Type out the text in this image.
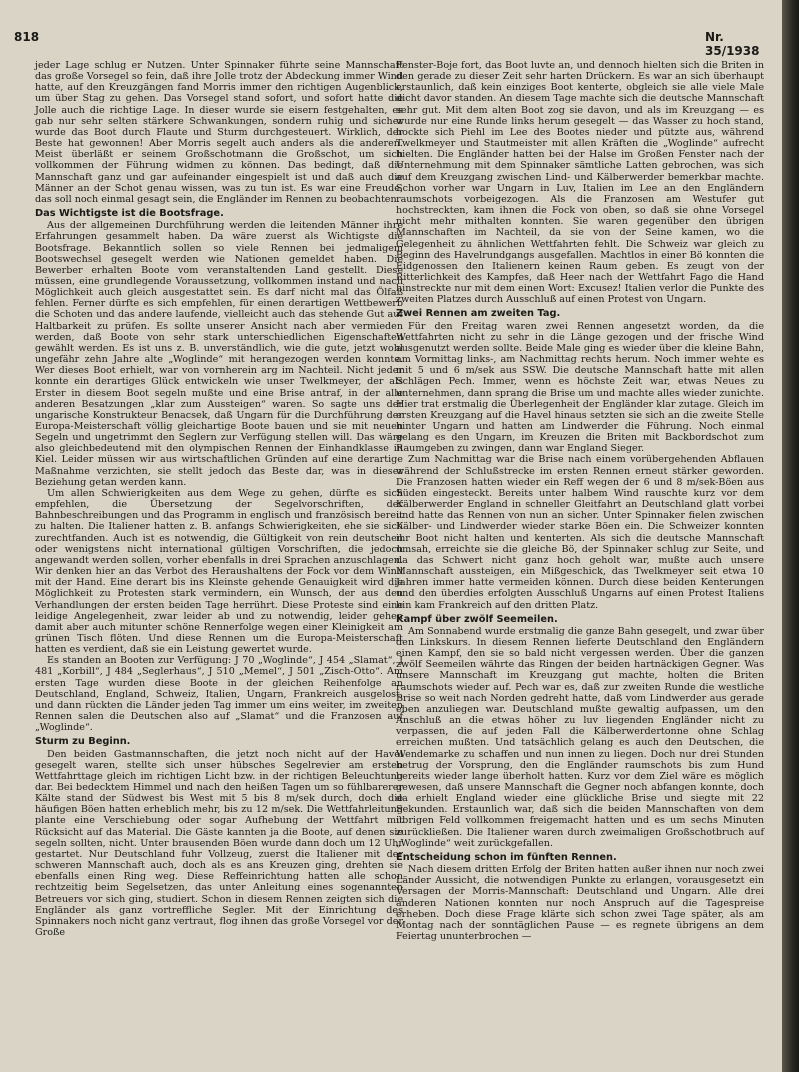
818	Nr. 35/1938

jeder Lage schlug er Nutzen. Unter Spinnaker führte seine Mannschaft das große Vorsegel so fein, daß ihre Jolle trotz der Abdeckung immer Wind hatte, auf den Kreuzgängen fand Morris immer den richtigen Augenblick, um über Stag zu gehen. Das Vorsegel stand sofort, und sofort hatte die Jolle auch die richtige Lage. In dieser wurde sie eisern festgehalten, es gab nur sehr selten stärkere Schwankungen, sondern ruhig und sicher wurde das Boot durch Flaute und Sturm durchgesteuert. Wirklich, der Beste hat gewonnen! Aber Morris segelt auch anders als die anderen. Meist überläßt er seinem Großschotmann die Großschot, um sich vollkommen der Führung widmen zu können. Das bedingt, daß die Mannschaft ganz und gar aufeinander eingespielt ist und daß auch die Männer an der Schot genau wissen, was zu tun ist. Es war eine Freude, das soll noch einmal gesagt sein, die Engländer im Rennen zu beobachten.

Das Wichtigste ist die Bootsfrage.

Aus der allgemeinen Durchführung werden die leitenden Männer ihre Erfahrungen gesammelt haben. Da wäre zuerst als Wichtigste die Bootsfrage. Bekanntlich sollen so viele Rennen bei jedmaligem Bootswechsel gesegelt werden wie Nationen gemeldet haben. Die Bewerber erhalten Boote vom veranstaltenden Land gestellt. Diese müssen, eine grundlegende Voraussetzung, vollkommen instand und nach Möglichkeit auch gleich ausgestattet sein. Es darf nicht mal das Ölfaß fehlen. Ferner dürfte es sich empfehlen, für einen derartigen Wettbewerb die Schoten und das andere laufende, vielleicht auch das stehende Gut auf Haltbarkeit zu prüfen. Es sollte unserer Ansicht nach aber vermieden werden, daß Boote von sehr stark unterschiedlichen Eigenschaften gewählt werden. Es ist uns z. B. unverständlich, wie die gute, jetzt wohl ungefähr zehn Jahre alte „Woglinde“ mit herangezogen werden konnte. Wer dieses Boot erhielt, war von vornherein arg im Nachteil. Nicht jeder konnte ein derartiges Glück entwickeln wie unser Twelkmeyer, der als Erster in diesem Boot segeln mußte und eine Brise antraf, in der alle anderen Besatzungen „klar zum Aussteigen“ waren. So sagte uns der ungarische Konstrukteur Benacsek, daß Ungarn für die Durchführung der Europa-Meisterschaft völlig gleichartige Boote bauen und sie mit neuen Segeln und ungetrimmt den Seglern zur Verfügung stellen will. Das wäre also gleichbedeutend mit den olympischen Rennen der Einhandklasse in Kiel. Leider müssen wir aus wirtschaftlichen Gründen auf eine derartige Maßnahme verzichten, sie stellt jedoch das Beste dar, was in dieser Beziehung getan werden kann.

Um allen Schwierigkeiten aus dem Wege zu gehen, dürfte es sich empfehlen, die Übersetzung der Segelvorschriften, der Bahnbeschreibungen und das Programm in englisch und französisch bereit zu halten. Die Italiener hatten z. B. anfangs Schwierigkeiten, ehe sie sich zurechtfanden. Auch ist es notwendig, die Gültigkeit von rein deutschen oder wenigstens nicht international gültigen Vorschriften, die jedoch angewandt werden sollen, vorher ebenfalls in drei Sprachen anzuschlagen. Wir denken hier an das Verbot des Heraushaltens der Fock vor dem Wind mit der Hand. Eine derart bis ins Kleinste gehende Genauigkeit wird die Möglichkeit zu Protesten stark vermindern, ein Wunsch, der aus den Verhandlungen der ersten beiden Tage herrührt. Diese Proteste sind eine leidige Angelegenheit, zwar leider ab und zu notwendig, leider gehen damit aber auch mitunter schöne Rennerfolge wegen einer Kleinigkeit am grünen Tisch flöten. Und diese Rennen um die Europa-Meisterschaft hatten es verdient, daß sie ein Leistung gewertet wurde.

Es standen an Booten zur Verfügung: J 70 „Woglinde“, J 454 „Slamat“, J 481 „Korbill“, J 484 „Seglerhaus“, J 510 „Memel“, J 501 „Zisch-Otto“. Am ersten Tage wurden diese Boote in der gleichen Reihenfolge an Deutschland, England, Schweiz, Italien, Ungarn, Frankreich ausgelost, und dann rückten die Länder jeden Tag immer um eins weiter, im zweiten Rennen salen die Deutschen also auf „Slamat“ und die Franzosen auf „Woglinde“.

Sturm zu Beginn.

Den beiden Gastmannschaften, die jetzt noch nicht auf der Havel gesegelt waren, stellte sich unser hübsches Segelrevier am ersten Wettfahrttage gleich im richtigen Licht bzw. in der richtigen Beleuchtung dar. Bei bedecktem Himmel und nach den heißen Tagen um so fühlbarerer Kälte stand der Südwest bis West mit 5 bis 8 m/sek durch, doch die häufigen Böen hatten erheblich mehr, bis zu 12 m/sek. Die Wettfahrleitung plante eine Verschiebung oder sogar Aufhebung der Wettfahrt mit Rücksicht auf das Material. Die Gäste kannten ja die Boote, auf denen sie segeln sollten, nicht. Unter brausenden Böen wurde dann doch um 12 Uhr gestartet. Nur Deutschland fuhr Vollzeug, zuerst die Italiener mit der schweren Mannschaft auch, doch als es ans Kreuzen ging, drehten sie ebenfalls einen Ring weg. Diese Reffeinrichtung hatten alle schon rechtzeitig beim Segelsetzen, das unter Anleitung eines sogenannten Betreuers vor sich ging, studiert. Schon in diesem Rennen zeigten sich die Engländer als ganz vortreffliche Segler. Mit der Einrichtung des Spinnakers noch nicht ganz vertraut, flog ihnen das große Vorsegel vor der Große

Fenster-Boje fort, das Boot luvte an, und dennoch hielten sich die Briten in den gerade zu dieser Zeit sehr harten Drückern. Es war an sich überhaupt erstaunlich, daß kein einziges Boot kenterte, obgleich sie alle viele Male dicht davor standen. An diesem Tage machte sich die deutsche Mannschaft sehr gut. Mit dem alten Boot zog sie davon, und als im Kreuzgang — es wurde nur eine Runde links herum gesegelt — das Wasser zu hoch stand, hockte sich Piehl im Lee des Bootes nieder und pützte aus, während Twelkmeyer und Stautmeister mit allen Kräften die „Woglinde“ aufrecht hielten. Die Engländer hatten bei der Halse im Großen Fenster nach der Unternehmung mit dem Spinnaker sämtliche Latten gebrochen, was sich auf dem Kreuzgang zwischen Lind- und Kälberwerder bemerkbar machte. Schon vorher war Ungarn in Luv, Italien im Lee an den Engländern raumschots vorbeigezogen. Als die Franzosen am Westufer gut hochstreckten, kam ihnen die Fock von oben, so daß sie ohne Vorsegel nicht mehr mithalten konnten. Sie waren gegenüber den übrigen Mannschaften im Nachteil, da sie von der Seine kamen, wo die Gelegenheit zu ähnlichen Wettfahrten fehlt. Die Schweiz war gleich zu Beginn des Havelrundgangs ausgefallen. Machtlos in einer Bö konnten die Eidgenossen den Italienern keinen Raum geben. Es zeugt von der Ritterlichkeit des Kampfes, daß Heer nach der Wettfahrt Fago die Hand hinstreckte nur mit dem einen Wort: Excusez! Italien verlor die Punkte des zweiten Platzes durch Ausschluß auf einen Protest von Ungarn.

Zwei Rennen am zweiten Tag.

Für den Freitag waren zwei Rennen angesetzt worden, da die Wettfahrten nicht zu sehr in die Länge gezogen und der frische Wind ausgenutzt werden sollte. Beide Male ging es wieder über die kleine Bahn, am Vormittag links-, am Nachmittag rechts herum. Noch immer wehte es mit 5 und 6 m/sek aus SSW. Die deutsche Mannschaft hatte mit allen Schlägen Pech. Immer, wenn es höchste Zeit war, etwas Neues zu unternehmen, dann sprang die Brise um und machte alles wieder zunichte. Hier trat erstmalig die Überlegenheit der Engländer klar zutage. Gleich im ersten Kreuzgang auf die Havel hinaus setzten sie sich an die zweite Stelle hinter Ungarn und hatten am Lindwerder die Führung. Noch einmal gelang es den Ungarn, im Kreuzen die Briten mit Backbordschot zum Raumgeben zu zwingen, dann war England Sieger.

Zum Nachmittag war die Brise nach einem vorübergehenden Abflauen während der Schlußstrecke im ersten Rennen erneut stärker geworden. Die Franzosen hatten wieder ein Reff wegen der 6 und 8 m/sek-Böen aus Süden eingesteckt. Bereits unter halbem Wind rauschte kurz vor dem Kälberwerder England in schneller Gleitfahrt an Deutschland glatt vorbei und hatte das Rennen von nun an sicher. Unter Spinnaker fielen zwischen Kälber- und Lindwerder wieder starke Böen ein. Die Schweizer konnten ihr Boot nicht halten und kenterten. Als sich die deutsche Mannschaft umsah, erreichte sie die gleiche Bö, der Spinnaker schlug zur Seite, und da das Schwert nicht ganz hoch geholt war, mußte auch unsere Mannschaft aussteigen, ein Mißgeschick, das Twelkmeyer seit etwa 10 Jahren immer hatte vermeiden können. Durch diese beiden Kenterungen und den überdies erfolgten Ausschluß Ungarns auf einen Protest Italiens hin kam Frankreich auf den dritten Platz.

Kampf über zwölf Seemeilen.

Am Sonnabend wurde erstmalig die ganze Bahn gesegelt, und zwar über den Linkskurs. In diesem Rennen lieferte Deutschland den Engländern einen Kampf, den sie so bald nicht vergessen werden. Über die ganzen zwölf Seemeilen währte das Ringen der beiden hartnäckigen Gegner. Was unsere Mannschaft im Kreuzgang gut machte, holten die Briten raumschots wieder auf. Pech war es, daß zur zweiten Runde die westliche Brise so weit nach Norden gedreht hatte, daß vom Lindwerder aus gerade eben anzuliegen war. Deutschland mußte gewaltig aufpassen, um den Anschluß an die etwas höher zu luv liegenden Engländer nicht zu verpassen, die auf jeden Fall die Kälberwerdertonne ohne Schlag erreichen mußten. Und tatsächlich gelang es auch den Deutschen, die Wendemarke zu schaffen und nun innen zu liegen. Doch nur drei Stunden betrug der Vorsprung, den die Engländer raumschots bis zum Hund bereits wieder lange überholt hatten. Kurz vor dem Ziel wäre es möglich gewesen, daß unsere Mannschaft die Gegner noch abfangen konnte, doch da erhielt England wieder eine glückliche Brise und siegte mit 22 Sekunden. Erstaunlich war, daß sich die beiden Mannschaften von dem übrigen Feld vollkommen freigemacht hatten und es um sechs Minuten zurückließen. Die Italiener waren durch zweimaligen Großschotbruch auf „Woglinde“ weit zurückgefallen.

Entscheidung schon im fünften Rennen.

Nach diesem dritten Erfolg der Briten hatten außer ihnen nur noch zwei Länder Aussicht, die notwendigen Punkte zu erlangen, vorausgesetzt ein Versagen der Morris-Mannschaft: Deutschland und Ungarn. Alle drei anderen Nationen konnten nur noch Anspruch auf die Tagespreise erheben. Doch diese Frage klärte sich schon zwei Tage später, als am Montag nach der sonntäglichen Pause — es regnete übrigens an dem Feiertag ununterbrochen —
